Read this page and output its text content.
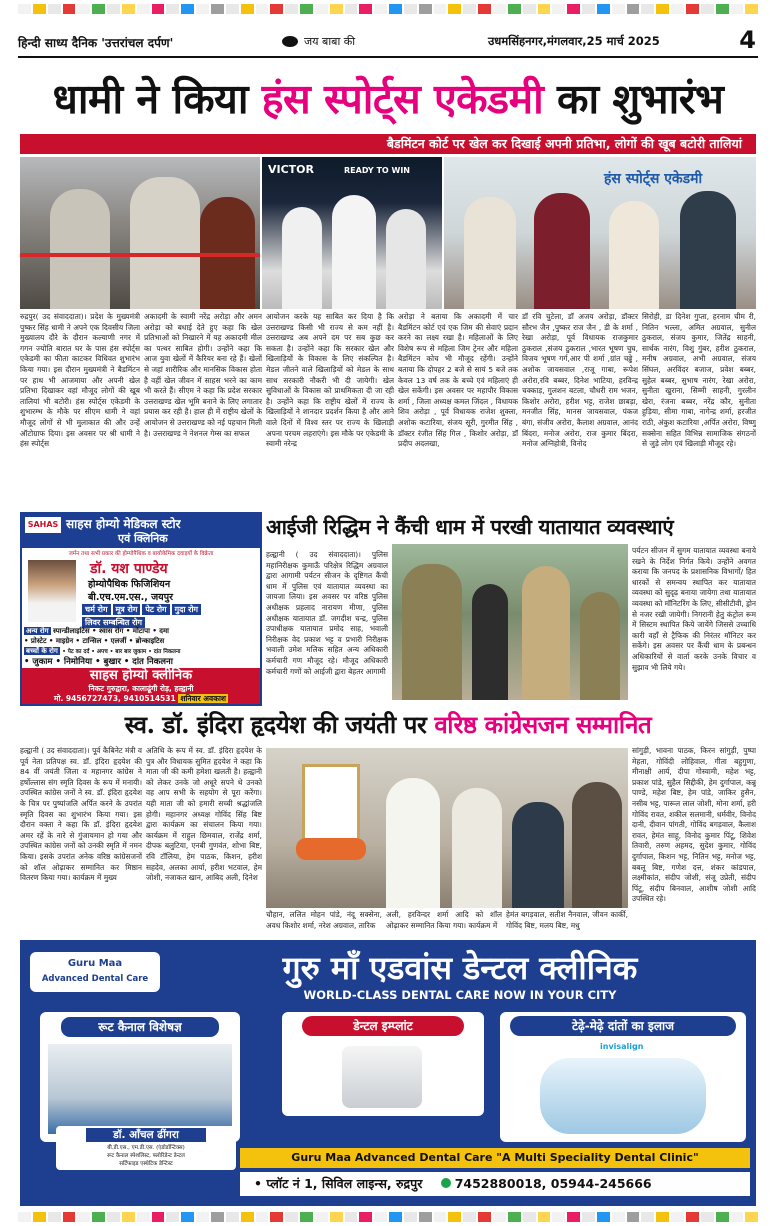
हिन्दी साध्य दैनिक 'उत्तरांचल दर्पण'	जय बाबा की	उधमसिंहनगर,मंगलवार,25 मार्च 2025	4
धामी ने किया हंस स्पोर्ट्स एकेडमी का शुभारंभ
बैडमिंटन कोर्ट पर खेल कर दिखाई अपनी प्रतिभा, लोगों की खूब बटोरी तालियां
VICTOR	READY TO WIN
हंस स्पोर्ट्स एकेडमी
रुद्रपुर( उद संवाददाता)। प्रदेश के मुख्यमंत्री पुष्कर सिंह धामी ने अपने एक दिवसीय जिला मुख्यालय दौरे के दौरान कल्याणी नगर में गगन ज्योति बारात घर के पास हंस स्पोर्ट्स एकेडमी का फीता काटकर विधिवत शुभारंभ किया गया। इस दौरान मुख्यमंत्री ने बैडमिंटन पर हाथ भी आजमाया और अपनी खेल प्रतिभा दिखाकर वहां मौजूद लोगों की खूब तालियां भी बटोरी। हंस स्पोर्ट्स एकेडमी के शुभारम्भ के मौके पर सीएम धामी ने वहां मौजूद लोगों से भी मुलाकात की और उन्हें ऑटोग्राफ दिया। इस अवसर पर श्री धामी ने हंस स्पोर्ट्स
अकादमी के स्वामी नरेंद्र अरोड़ा और अमन अरोड़ा को बधाई देते हुए कहा कि खेल प्रतिभाओं को निखारने में यह अकादमी मील का पत्थर साबित होगी। उन्होंने कहा कि आज युवा खेलों में कैरियर बना रहे हैं। खेलों से जहां शारीरिक और मानसिक विकास होता है वहीं खेल जीवन में साहस भरने का काम भी करते हैं। सीएम ने कहा कि प्रदेश सरकार उत्तराखण्ड खेल भूमि बनाने के लिए लगातार प्रयास कर रही है। हाल ही में राष्ट्रीय खेलों के आयोजन से उत्तराखण्ड को नई पहचान मिली है। उत्तराखण्ड ने नेशनल गेम्स का सफल
आयोजन करके यह साबित कर दिया है कि उत्तराखण्ड किसी भी राज्य से कम नहीं है। उत्तराखण्ड अब अपने दम पर सब कुछ कर सकता है। उन्होंने कहा कि सरकार खेल और खिलाड़ियों के विकास के लिए संकल्पित है। मेडल जीतने वाले खिलाड़ियों को मेडल के साथ साथ सरकारी नौकरी भी दी जायेगी। खेल सुविधाओं के विकास को प्राथमिकता दी जा रही है। उन्होंने कहा कि राष्ट्रीय खेलों में राज्य के खिलाड़ियों ने शानदार प्रदर्शन किया है और आने वाले दिनों में विश्व स्तर पर राज्य के खिलाड़ी अपना परचम लहराएंगे। इस मौके पर एकेडमी के स्वामी नरेन्द्र
अरोड़ा ने बताया कि अकादमी में चार बैडमिंटन कोर्ट एवं एक जिम की सेवाएं प्रदान करने का लक्ष्य रखा है। महिलाओं के लिए विशेष रूप से महिला जिम ट्रेनर और महिला बैडमिंटन कोच भी मौजूद रहेंगी। उन्होंने बताया कि दोपहर 2 बजे से सायं 5 बजे तक केवल 13 वर्ष तक के बच्चे एवं महिलाएं ही खेल सकेंगी। इस अवसर पर महापौर विकास शर्मा , जिला अध्यक्ष कमल जिंदल , विधायक शिव अरोड़ा , पूर्व विधायक राजेश शुक्ला, अशोक कटारिया, संजय सूरी, गुरमीत सिंह , डॉक्टर रंजीत सिंह गिल , किशोर अरोड़ा, डॉ प्रदीप अदलखा,
डॉ रवि चुटेला, डॉ अजय अरोड़ा, डॉक्टर सौरभ जैन ,पुष्कर राज जैन , डी के शर्मा , रेखा अरोड़ा, पूर्व विधायक राजकुमार ठुकराल ,संजय ठुकराल ,भारत भूषण चुघ, विजय भूषण गर्ग,आर पी शर्मा ,ग्रांत चढ्ढे , अशोक जायसवाल ,राजू गाबा, रूपेश अरोरा,रवि बब्बर, दिनेश भाटिया, हरविन्द्र चक्काड़, गुलशन बटला, चौधरी राम भजन, किशोर अरोरा, हरीश भट्ट, राजेश छाबड़ा, मनजीत सिंह, मानस जायसवाल, पंकज बंगा, संजीव अरोरा, कैलाश अग्रवाल, आनंद बिंदरा, मनोज अरोरा, राज कुमार बिंदरा, मनोज अग्निहोत्री, विनोद
सिरोही, डा दिनेश गुप्ता, हरनाम चीम री, नितिन भल्ला, अमित अग्रवाल, सुनील ठुकराल, संजय कुमार, जितेंद्र साहनी, सार्थक नारंग, विशु गुंबर, हरीश ठुकराल, मनीष अग्रवाल, अभी अग्रवाल, संजय सिंघल, अरविंदर बजाज, प्रवेश बब्बर, सुहेल बब्बर, सुभाष नारंग, रेखा अरोरा, सुनीता खुराना, सिम्मी साहनी, गुरलीन खेरा, रंजना बब्बर, नरेंद्र कौर, सुनीता हुड़िया, सीमा गाबा, नागेन्द्र शर्मा, हरजीत राठी, अंकुश कटारिया ,अर्पित अरोरा, विष्णु सक्सेना सहित विभिन्न सामाजिक संगठनों से जुड़े लोग एवं खिलाड़ी मौजूद रहे।
SAHAS साहस होम्यो मेडिकल स्टोर
एवं क्लिनिक
जर्मन तथा सभी प्रकार की होम्योपैथिक व बायोकेमिक दवाइयों के विक्रेता
डॉ. यश पाण्डेय
होम्योपैथिक फिजिशियन
बी.एच.एम.एस., जयपुर
चर्म रोग	मूत्र रोग	पेट रोग	गुदा रोग
लिवर सम्बन्धित रोग
अन्य रोग स्पान्डीलाइटिस • श्वास रोग • मोटापा • दमा
• प्रोस्टेट • माइग्रेन • टान्सिल • एलर्जी • ब्रोन्काइटिस
बच्चों के रोग • पेट का दर्द • अपच • बार बार जुकाम • दांत निकलना
• जुकाम • निमोनिया • बुखार • दांत निकलना
साहस होम्यो क्लीनिक
निकट गुरुद्वारा, कालाढूंगी रोड़, हल्द्वानी
मो. 9456727473, 9410514531 शनिवार अवकाश
आईजी रिद्धिम ने कैंची धाम में परखी यातायात व्यवस्थाएं
हल्द्वानी ( उद संवाददाता)। पुलिस महानिरीक्षक कुमाऊँ परिक्षेत्र रिद्धिम अग्रवाल द्वारा आगामी पर्यटन सीजन के दृष्टिगत कैंची धाम में पुलिस एवं यातायात व्यवस्था का जायजा लिया। इस अवसर पर वरिष्ठ पुलिस अधीक्षक प्रहलाद नारायण मीणा, पुलिस अधीक्षक यातायात डॉ. जगदीश चन्द्र, पुलिस उपाधीक्षक यातायात प्रमोद साह, भवाली निरीक्षक वेद प्रकाश भट्ट व प्रभारी निरीक्षक भवाली उमेश मलिक सहित अन्य अधिकारी कर्मचारी गण मौजूद रहे। मौजूद अधिकारी कर्मचारी गणों को आईजी द्वारा बेहतर आगामी
पर्यटन सीजन में सुगम यातायात व्यवस्था बनाये रखने के निर्देश निर्गत किये। उन्होंने अवगत कराया कि जनपद के प्रशासनिक विभागों/ हित धारकों से समन्वय स्थापित कर यातायात व्यवस्था को सुदृढ़ बनाया जायेगा तथा यातायात व्यवस्था को मॉनिटरिंग के लिए, सीसीटीवी, ड्रोन से नजर रखी जायेगी। निगरानी हेतु कंट्रोल रूम में सिस्टम स्थापित किये जायेंगे जिससे उच्चाधि कारी वहाँ से ट्रैफिक की निरंतर मॉनिटर कर सकेंगे। इस अवसर पर कैंची धाम के प्रबन्धन अधिकारियों से वार्ता करके उनके विचार व सुझाव भी लिये गये।
स्व. डॉ. इंदिरा हृदयेश की जयंती पर वरिष्ठ कांग्रेसजन सम्मानित
हल्द्वानी ( उद संवाददाता)। पूर्व कैबिनेट मंत्री व पूर्व नेता प्रतिपक्ष स्व. डॉ. इंदिरा हृदयेश की 84 वीं जयंती जिला व महानगर कांग्रेस ने हर्षोल्लास संग स्मृति दिवस के रूप में मनायी। उपस्थित कांग्रेस जनों ने स्व. डॉ. इंदिरा हृदयेश के चित्र पर पुष्पांजलि अर्पित करने के उपरांत स्मृति दिवस का शुभारंभ किया गया। इस दौरान वक्ता ने कहा कि डॉ. इंदिरा हृदयेश अमर रहें के नारे से गुंजायमान हो गया और उपस्थित कांग्रेस जनों को उनकी स्मृति में नमन किया। इसके उपरांत अनेक वरिष्ठ कांग्रेसजनों को शॉल ओढ़ाकर सम्मानित कर मिष्ठान वितरण किया गया। कार्यक्रम में मुख्य
अतिथि के रूप में स्व. डॉ. इंदिरा हृदयेश के पुत्र और विधायक सुमित हृदयेश ने कहा कि माता जी की कमी हमेशा खलती है। हल्द्वानी को लेकर उनके जो अधूरे सपने थे उनको वह आप सभी के सहयोग से पूरा करेंगा। यही माता जी को हमारी सच्ची श्रद्धांजलि होगी। महानगर अध्यक्ष गोविंद सिंह बिष्ट द्वारा कार्यक्रम का संचालन किया गया। कार्यक्रम में राहुल छिमवाल, राजेंद्र शर्मा, दीपक बलुटिया, एनबी गुणवंत, शोभा बिष्ट, रवि टॉलिया, हेम पाठक, किशन, हरीश सहदेव, अलका आर्या, हरीश भटवाल, हेम जोशी, नजाकत खान, आबिद अली, दिनेश
चौहान, ललित मोहन पांडे, नंदू सक्सेना, अवध किशोर शर्मा, नरेश अग्रवाल, तारिक
अली, हरविन्दर शर्मा आदि को शॉल ओढ़ाकर सम्मानित किया गया। कार्यक्रम में
हेमंत बगड़वाल, सतीश नैनवाल, जीवन कार्की, गोविंद बिष्ट, मलय बिष्ट, मधु
सांगुड़ी, भावना पाठक, किरन सांगुड़ी, पुष्पा मेहता, गोविंदी लोहिवाल, गीता बहुगुणा, मीनाक्षी आर्य, दीपा गोस्वामी, महेश भट्ट, प्रकाश पांडे, सुहैल सिद्दीकी, हेम दुर्गापाल, कन्नू पाण्डे, महेश बिष्ट, हेम पांडे, जाकिर हुसैन, नसीब भट्ट, पारूल लाल जोशी, मोना शर्मा, हरी गोविंद रावत, शकील सलमानी, धर्मवीर, विनोद दानी, दीवान पांगती, गोविंद बगड़वाल, कैलाश रावत, हेमंत साहू, विनोद कुमार पिंटू, शिवेश तिवारी, तरुण अहमद, सुदेश कुमार, गोविंद दुर्गापाल, किशन भट्ट, नितिन भट्ट, मनोज भट्ट, बबलू बिष्ट, गणेश दत्त, शंकर कांडपाल, लक्ष्मीकांत, संदीप जोशी, संजू उप्रेती, संदीप पिंटू, संदीप बिनवाल, आशीष जोशी आदि उपस्थित रहे।
Guru Maa
Advanced Dental Care	गुरु माँ एडवांस डेन्टल क्लीनिक
WORLD-CLASS DENTAL CARE NOW IN YOUR CITY
रूट कैनाल विशेषज्ञ	डेन्टल इम्प्लांट	टेढ़े-मेढ़े दांतों का इलाज
invisalign
डॉ. आँचल ढींगरा
बी.डी.एस., एम.डी.एस. (एंडोडॉन्टिक्स)
रूट कैनाल स्पेशलिस्ट, फ्लोरिडेन्ट डेन्टल
सर्टिफाइड एस्थेटिक डेन्टिस्ट	Guru Maa Advanced Dental Care "A Multi Speciality Dental Clinic"
• प्लॉट नं 1, सिविल लाइन्स, रुद्रपुर	7452880018, 05944-245666
